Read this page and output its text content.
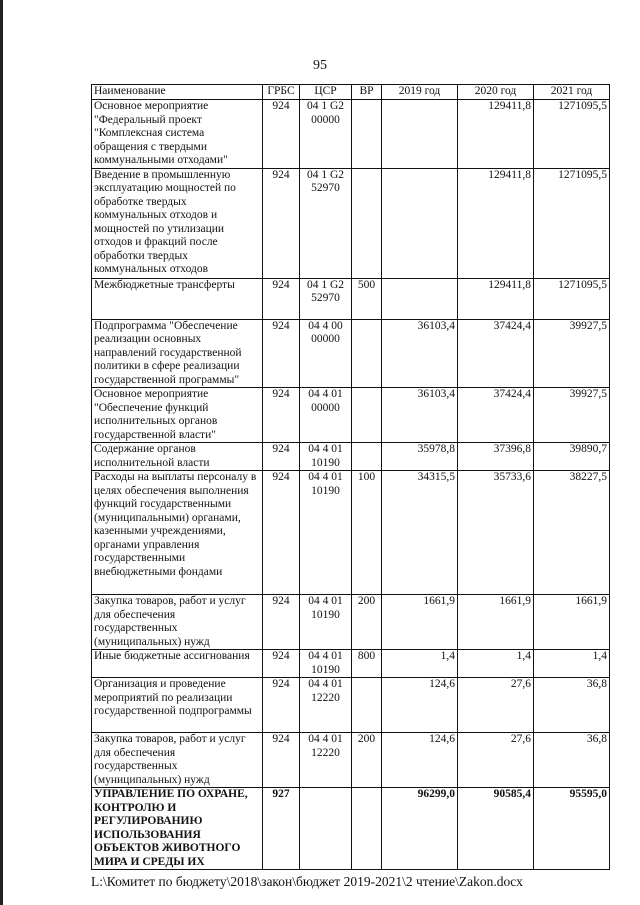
95
Наименование	ГРБС	ЦСР	ВР	2019 год	2020 год	2021 год
Основное мероприятие "Федеральный проект "Комплексная система обращения с твердыми коммунальными отходами"	924	04 1 G2 00000			129411,8	1271095,5
Введение в промышленную эксплуатацию мощностей по обработке твердых коммунальных отходов и мощностей по утилизации отходов и фракций после обработки твердых коммунальных отходов	924	04 1 G2 52970			129411,8	1271095,5
Межбюджетные трансферты	924	04 1 G2 52970	500		129411,8	1271095,5
Подпрограмма "Обеспечение реализации основных направлений государственной политики в сфере реализации государственной программы"	924	04 4 00 00000		36103,4	37424,4	39927,5
Основное мероприятие "Обеспечение функций исполнительных органов государственной власти"	924	04 4 01 00000		36103,4	37424,4	39927,5
Содержание органов исполнительной власти	924	04 4 01 10190		35978,8	37396,8	39890,7
Расходы на выплаты персоналу в целях обеспечения выполнения функций государственными (муниципальными) органами, казенными учреждениями, органами управления государственными внебюджетными фондами	924	04 4 01 10190	100	34315,5	35733,6	38227,5
Закупка товаров, работ и услуг для обеспечения государственных (муниципальных) нужд	924	04 4 01 10190	200	1661,9	1661,9	1661,9
Иные бюджетные ассигнования	924	04 4 01 10190	800	1,4	1,4	1,4
Организация и проведение мероприятий по реализации государственной подпрограммы	924	04 4 01 12220		124,6	27,6	36,8
Закупка товаров, работ и услуг для обеспечения государственных (муниципальных) нужд	924	04 4 01 12220	200	124,6	27,6	36,8
УПРАВЛЕНИЕ ПО ОХРАНЕ, КОНТРОЛЮ И РЕГУЛИРОВАНИЮ ИСПОЛЬЗОВАНИЯ ОБЪЕКТОВ ЖИВОТНОГО МИРА И СРЕДЫ ИХ	927			96299,0	90585,4	95595,0
L:\Комитет по бюджету\2018\закон\бюджет 2019-2021\2 чтение\Zakon.docx
